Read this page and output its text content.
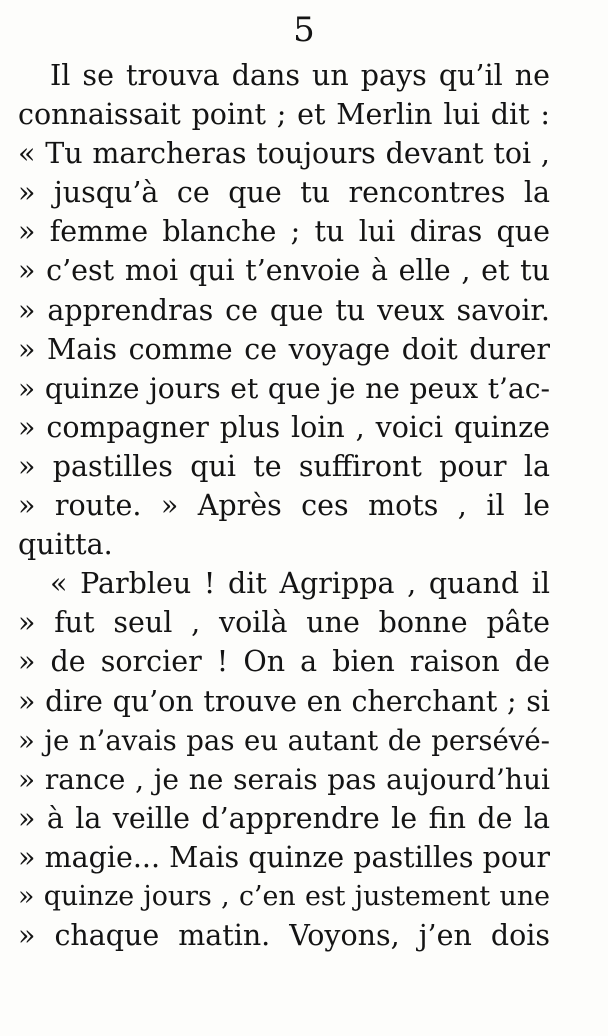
5
Il se trouva dans un pays qu’il ne
connaissait point ; et Merlin lui dit :
« Tu marcheras toujours devant toi ,
» jusqu’à ce que tu rencontres la
» femme blanche ; tu lui diras que
» c’est moi qui t’envoie à elle , et tu
» apprendras ce que tu veux savoir.
» Mais comme ce voyage doit durer
» quinze jours et que je ne peux t’ac-
» compagner plus loin , voici quinze
» pastilles qui te suffiront pour la
» route. » Après ces mots , il le
quitta.
« Parbleu ! dit Agrippa , quand il
» fut seul , voilà une bonne pâte
» de sorcier ! On a bien raison de
» dire qu’on trouve en cherchant ; si
» je n’avais pas eu autant de persévé-
» rance , je ne serais pas aujourd’hui
» à la veille d’apprendre le fin de la
» magie... Mais quinze pastilles pour
» quinze jours , c’en est justement une
» chaque matin. Voyons, j’en dois
